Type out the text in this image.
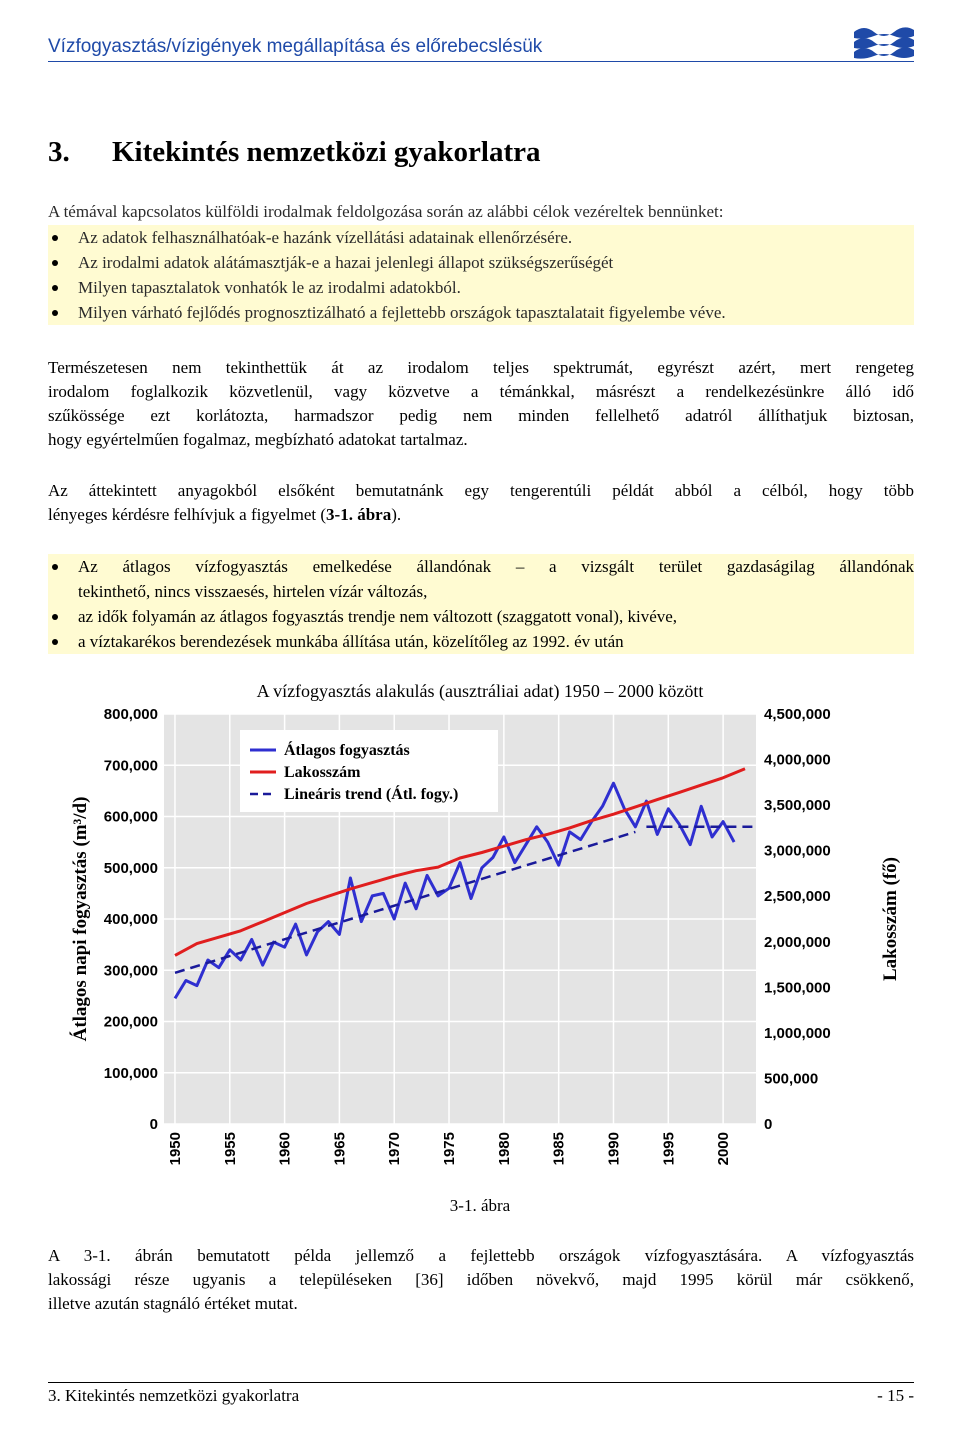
Vízfogyasztás/vízigények megállapítása és előrebecslésük
3. Kitekintés nemzetközi gyakorlatra
A témával kapcsolatos külföldi irodalmak feldolgozása során az alábbi célok vezéreltek bennünket:
Az adatok felhasználhatóak-e hazánk vízellátási adatainak ellenőrzésére.
Az irodalmi adatok alátámasztják-e a hazai jelenlegi állapot szükségszerűségét
Milyen tapasztalatok vonhatók le az irodalmi adatokból.
Milyen várható fejlődés prognosztizálható a fejlettebb országok tapasztalatait figyelembe véve.
Természetesen nem tekinthettük át az irodalom teljes spektrumát, egyrészt azért, mert rengeteg
irodalom foglalkozik közvetlenül, vagy közvetve a témánkkal, másrészt a rendelkezésünkre álló idő
szűkössége ezt korlátozta, harmadszor pedig nem minden fellelhető adatról állíthatjuk biztosan,
hogy egyértelműen fogalmaz, megbízható adatokat tartalmaz.
Az áttekintett anyagokból elsőként bemutatnánk egy tengerentúli példát abból a célból, hogy több
lényeges kérdésre felhívjuk a figyelmet (3-1. ábra).
Az átlagos vízfogyasztás emelkedése állandónak – a vizsgált terület gazdaságilag állandónak
tekinthető, nincs visszaesés, hirtelen vízár változás,
az idők folyamán az átlagos fogyasztás trendje nem változott (szaggatott vonal), kivéve,
a víztakarékos berendezések munkába állítása után, közelítőleg az 1992. év után
A vízfogyasztás alakulás (ausztráliai adat) 1950 – 2000 között
0
100,000
200,000
300,000
400,000
500,000
600,000
700,000
800,000
0
500,000
1,000,000
1,500,000
2,000,000
2,500,000
3,000,000
3,500,000
4,000,000
4,500,000
1950	1955	1960	1965	1970	1975	1980	1985	1990	1995	2000
Átlagos fogyasztás
Lakosszám
Lineáris trend (Átl. fogy.)
Átlagos napi fogyasztás (m³/d)	Lakosszám (fő)
3-1. ábra
A 3-1. ábrán bemutatott példa jellemző a fejlettebb országok vízfogyasztására. A vízfogyasztás
lakossági része ugyanis a településeken [36] időben növekvő, majd 1995 körül már csökkenő,
illetve azután stagnáló értéket mutat.
3. Kitekintés nemzetközi gyakorlatra	- 15 -
